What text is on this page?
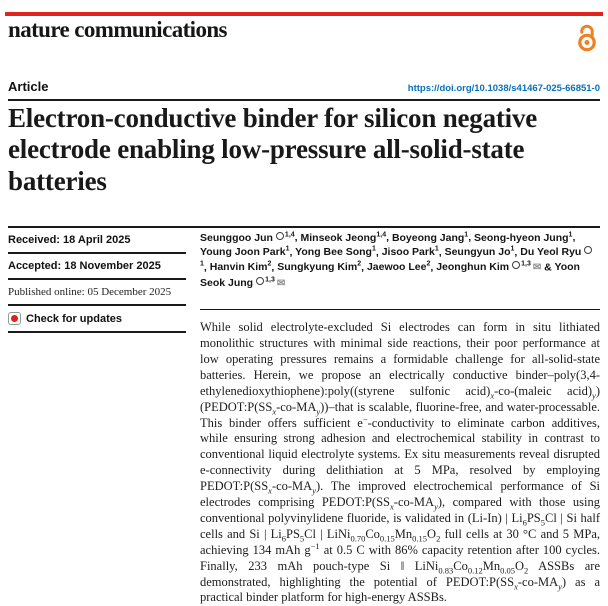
nature communications
Article	https://doi.org/10.1038/s41467-025-66851-0
Electron-conductive binder for silicon negative electrode enabling low-pressure all-solid-state batteries
Received: 18 April 2025
Accepted: 18 November 2025
Published online: 05 December 2025
Check for updates
Seunggoo Jun $^{1,4}$, Minseok Jeong$^{1,4}$, Boyeong Jang$^1$, Seong-hyeon Jung$^1$, Young Joon Park$^1$, Yong Bee Song$^1$, Jisoo Park$^1$, Seungyun Jo$^1$, Du Yeol Ryu$^1$, Hanvin Kim$^2$, Sungkyung Kim$^2$, Jaewoo Lee$^2$, Jeonghun Kim $^{1,3}$ ✉ & Yoon Seok Jung $^{1,3}$ ✉

While solid electrolyte-excluded Si electrodes can form in situ lithiated monolithic structures with minimal side reactions, their poor performance at low operating pressures remains a formidable challenge for all-solid-state batteries. Herein, we propose an electrically conductive binder–poly(3,4-ethylenedioxythiophene):poly((styrene sulfonic $acid)_x-co-(maleic$ $acid)_y$) $(PEDOT:P(SS_x-co-MA_y))$–that is scalable, fluorine-free, and water-processable. This binder offers sufficient e−-conductivity to eliminate carbon additives, while ensuring strong adhesion and electrochemical stability in contrast to conventional liquid electrolyte systems. Ex situ measurements reveal disrupted e-connectivity during delithiation at 5 MPa, resolved by employing $PEDOT:P(SS_x-co-MA_y)$. The improved electrochemical performance of Si electrodes comprising $PEDOT:P(SS_x-co-MA_y)$, compared with those using conventional polyvinylidene fluoride, is validated in (Li-In) | $Li_6PS_5Cl$ | Si half cells and Si | $Li_6PS_5Cl$ | $LiNi_{0.70}Co_{0.15}Mn_{0.15}O_2$ full cells at 30 °C and 5 MPa, achieving 134 mAh $g^{-1}$ at 0.5 C with 86% capacity retention after 100 cycles. Finally, 233 mAh pouch-type Si ‖ $LiNi_{0.83}Co_{0.12}Mn_{0.05}O_2$ ASSBs are demonstrated, highlighting the potential of $PEDOT:P(SS_x-co-MA_y)$ as a practical binder platform for high-energy ASSBs.
